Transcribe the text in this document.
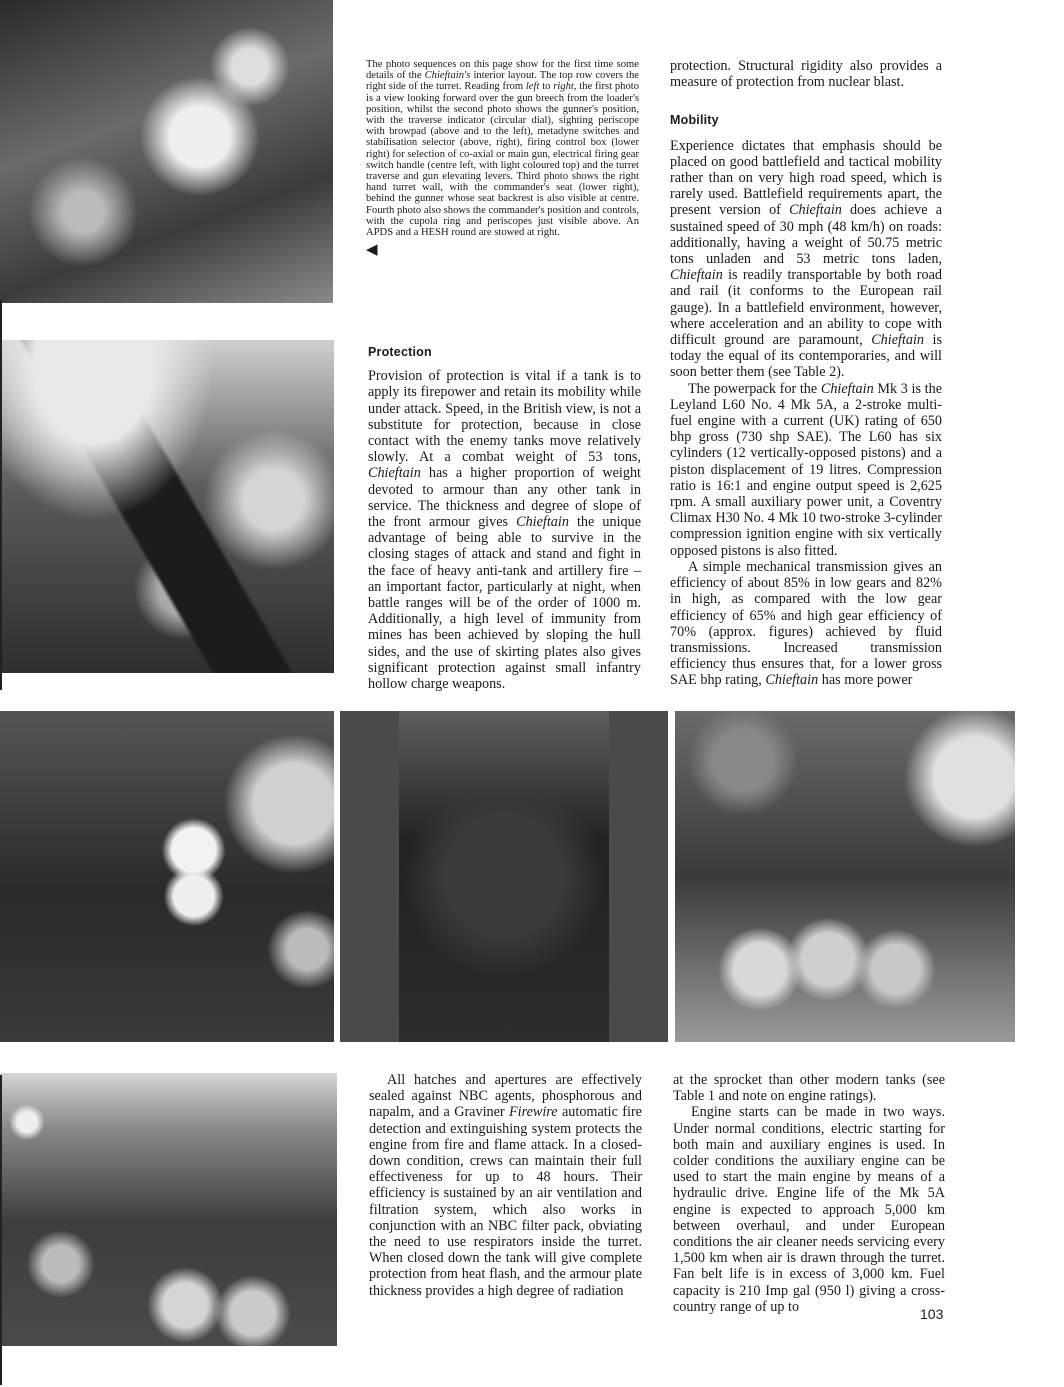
The photo sequences on this page show for the first time some details of the Chieftain's interior layout. The top row covers the right side of the turret. Reading from left to right, the first photo is a view looking forward over the gun breech from the loader's position, whilst the second photo shows the gunner's position, with the traverse indicator (circular dial), sighting periscope with browpad (above and to the left), metadyne switches and stabilisation selector (above, right), firing control box (lower right) for selection of co-axial or main gun, electrical firing gear switch handle (centre left, with light coloured top) and the turret traverse and gun elevating levers. Third photo shows the right hand turret wall, with the commander's seat (lower right), behind the gunner whose seat backrest is also visible at centre. Fourth photo also shows the commander's position and controls, with the cupola ring and periscopes just visible above. An APDS and a HESH round are stowed at right.
◀
Protection

Provision of protection is vital if a tank is to apply its firepower and retain its mobility while under attack. Speed, in the British view, is not a substitute for protection, because in close contact with the enemy tanks move relatively slowly. At a combat weight of 53 tons, Chieftain has a higher proportion of weight devoted to armour than any other tank in service. The thickness and degree of slope of the front armour gives Chieftain the unique advantage of being able to survive in the closing stages of attack and stand and fight in the face of heavy anti-tank and artillery fire – an important factor, particularly at night, when battle ranges will be of the order of 1000 m. Additionally, a high level of immunity from mines has been achieved by sloping the hull sides, and the use of skirting plates also gives significant protection against small infantry hollow charge weapons.

protection. Structural rigidity also provides a measure of protection from nuclear blast.

Mobility

Experience dictates that emphasis should be placed on good battlefield and tactical mobility rather than on very high road speed, which is rarely used. Battlefield requirements apart, the present version of Chieftain does achieve a sustained speed of 30 mph (48 km/h) on roads: additionally, having a weight of 50.75 metric tons unladen and 53 metric tons laden, Chieftain is readily transportable by both road and rail (it conforms to the European rail gauge). In a battlefield environment, however, where acceleration and an ability to cope with difficult ground are paramount, Chieftain is today the equal of its contemporaries, and will soon better them (see Table 2).

The powerpack for the Chieftain Mk 3 is the Leyland L60 No. 4 Mk 5A, a 2-stroke multi-fuel engine with a current (UK) rating of 650 bhp gross (730 shp SAE). The L60 has six cylinders (12 vertically-opposed pistons) and a piston displacement of 19 litres. Compression ratio is 16:1 and engine output speed is 2,625 rpm. A small auxiliary power unit, a Coventry Climax H30 No. 4 Mk 10 two-stroke 3-cylinder compression ignition engine with six vertically opposed pistons is also fitted.

A simple mechanical transmission gives an efficiency of about 85% in low gears and 82% in high, as compared with the low gear efficiency of 65% and high gear efficiency of 70% (approx. figures) achieved by fluid transmissions. Increased transmission efficiency thus ensures that, for a lower gross SAE bhp rating, Chieftain has more power

All hatches and apertures are effectively sealed against NBC agents, phosphorous and napalm, and a Graviner Firewire automatic fire detection and extinguishing system protects the engine from fire and flame attack. In a closed-down condition, crews can maintain their full effectiveness for up to 48 hours. Their efficiency is sustained by an air ventilation and filtration system, which also works in conjunction with an NBC filter pack, obviating the need to use respirators inside the turret. When closed down the tank will give complete protection from heat flash, and the armour plate thickness provides a high degree of radiation

at the sprocket than other modern tanks (see Table 1 and note on engine ratings).

Engine starts can be made in two ways. Under normal conditions, electric starting for both main and auxiliary engines is used. In colder conditions the auxiliary engine can be used to start the main engine by means of a hydraulic drive. Engine life of the Mk 5A engine is expected to approach 5,000 km between overhaul, and under European conditions the air cleaner needs servicing every 1,500 km when air is drawn through the turret. Fan belt life is in excess of 3,000 km. Fuel capacity is 210 Imp gal (950 l) giving a cross-country range of up to	103
